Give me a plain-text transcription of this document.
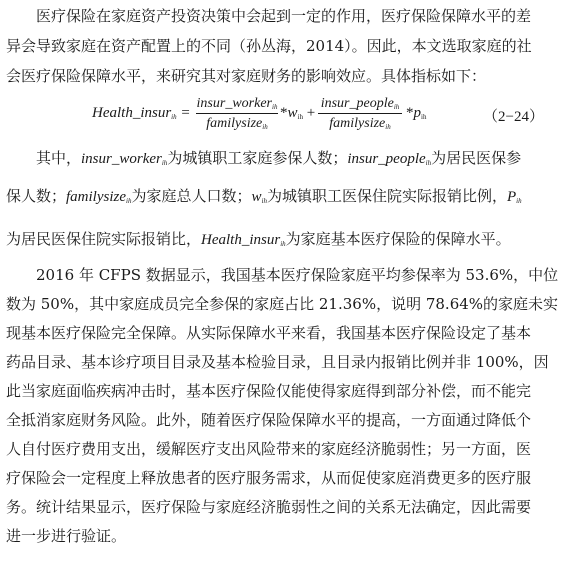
医疗保险在家庭资产投资决策中会起到一定的作用，医疗保险保障水平的差
异会导致家庭在资产配置上的不同（孙丛海，2014）。因此，本文选取家庭的社
会医疗保险保障水平，来研究其对家庭财务的影响效应。具体指标如下：
Health_insur$_{ih}$ =
insur_worker$_{ih}$
familysize$_{ih}$
$*w_{ih}$ +
insur_people$_{ih}$
familysize$_{ih}$
$*p_{ih}$	（2−24）
其中，insur_worker$_{ih}$为城镇职工家庭参保人数；insur_people$_{ih}$为居民医保参
保人数；familysize$_{ih}$为家庭总人口数；$w_{ih}$为城镇职工医保住院实际报销比例，$P_{ih}$
为居民医保住院实际报销比，Health_insur$_{ih}$为家庭基本医疗保险的保障水平。
2016 年 CFPS 数据显示，我国基本医疗保险家庭平均参保率为 53.6%，中位
数为 50%，其中家庭成员完全参保的家庭占比 21.36%，说明 78.64%的家庭未实
现基本医疗保险完全保障。从实际保障水平来看，我国基本医疗保险设定了基本
药品目录、基本诊疗项目目录及基本检验目录，且目录内报销比例并非 100%，因
此当家庭面临疾病冲击时，基本医疗保险仅能使得家庭得到部分补偿，而不能完
全抵消家庭财务风险。此外，随着医疗保险保障水平的提高，一方面通过降低个
人自付医疗费用支出，缓解医疗支出风险带来的家庭经济脆弱性；另一方面，医
疗保险会一定程度上释放患者的医疗服务需求，从而促使家庭消费更多的医疗服
务。统计结果显示，医疗保险与家庭经济脆弱性之间的关系无法确定，因此需要
进一步进行验证。
